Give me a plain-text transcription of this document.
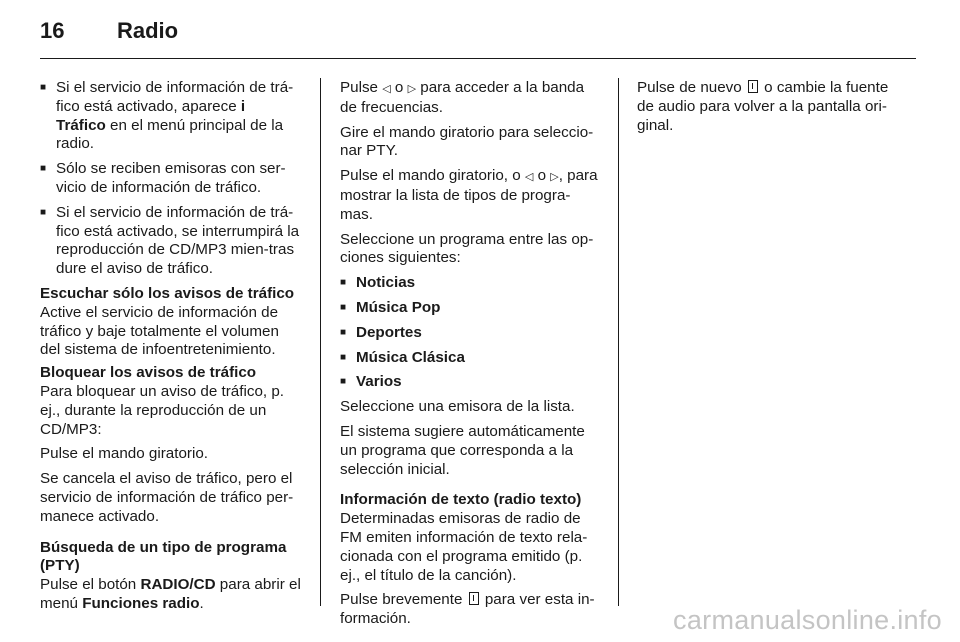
16 Radio
■ Si el servicio de información de trá-fico está activado, aparece i
Tráfico en el menú principal de la radio.
■ Sólo se reciben emisoras con ser-vicio de información de tráfico.
■ Si el servicio de información de trá-fico está activado, se interrumpirá la reproducción de CD/MP3 mien-tras dure el aviso de tráfico.

Escuchar sólo los avisos de tráfico

Active el servicio de información de tráfico y baje totalmente el volumen del sistema de infoentretenimiento.

Bloquear los avisos de tráfico

Para bloquear un aviso de tráfico, p. ej., durante la reproducción de un CD/MP3:

Pulse el mando giratorio.

Se cancela el aviso de tráfico, pero el servicio de información de tráfico per-manece activado.

Búsqueda de un tipo de programa (PTY)

Pulse el botón RADIO/CD para abrir el menú Funciones radio.

Pulse ◁ o ▷ para acceder a la banda de frecuencias.

Gire el mando giratorio para seleccio-nar PTY.

Pulse el mando giratorio, o ◁ o ▷, para mostrar la lista de tipos de progra-mas.

Seleccione un programa entre las op-ciones siguientes:

■ Noticias
■ Música Pop
■ Deportes
■ Música Clásica
■ Varios

Seleccione una emisora de la lista.

El sistema sugiere automáticamente un programa que corresponda a la selección inicial.

Información de texto (radio texto)

Determinadas emisoras de radio de FM emiten información de texto rela-cionada con el programa emitido (p. ej., el título de la canción).

Pulse brevemente  para ver esta in-formación.

Pulse de nuevo  o cambie la fuente de audio para volver a la pantalla ori-ginal.

carmanualsonline.info
